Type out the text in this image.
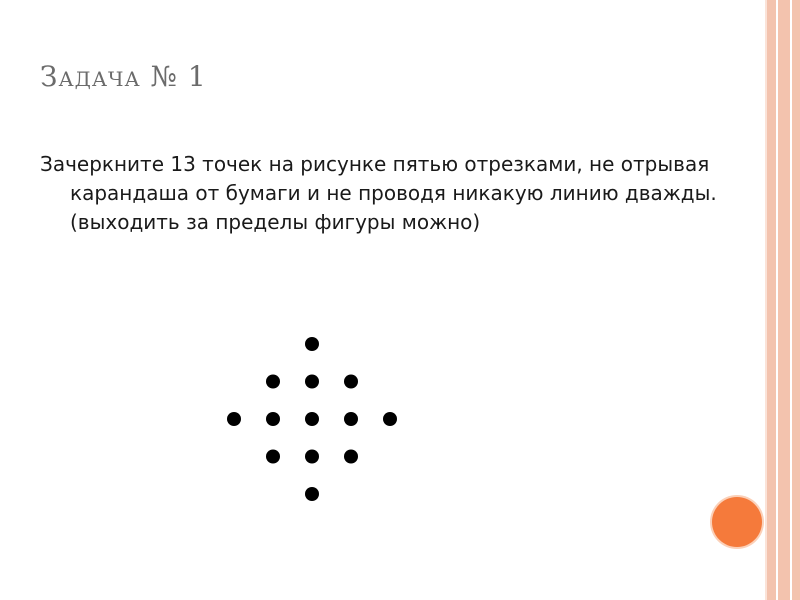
Задача № 1

Зачеркните 13 точек на рисунке пятью отрезками, не отрывая карандаша от бумаги и не проводя никакую линию дважды. (выходить за пределы фигуры можно)
